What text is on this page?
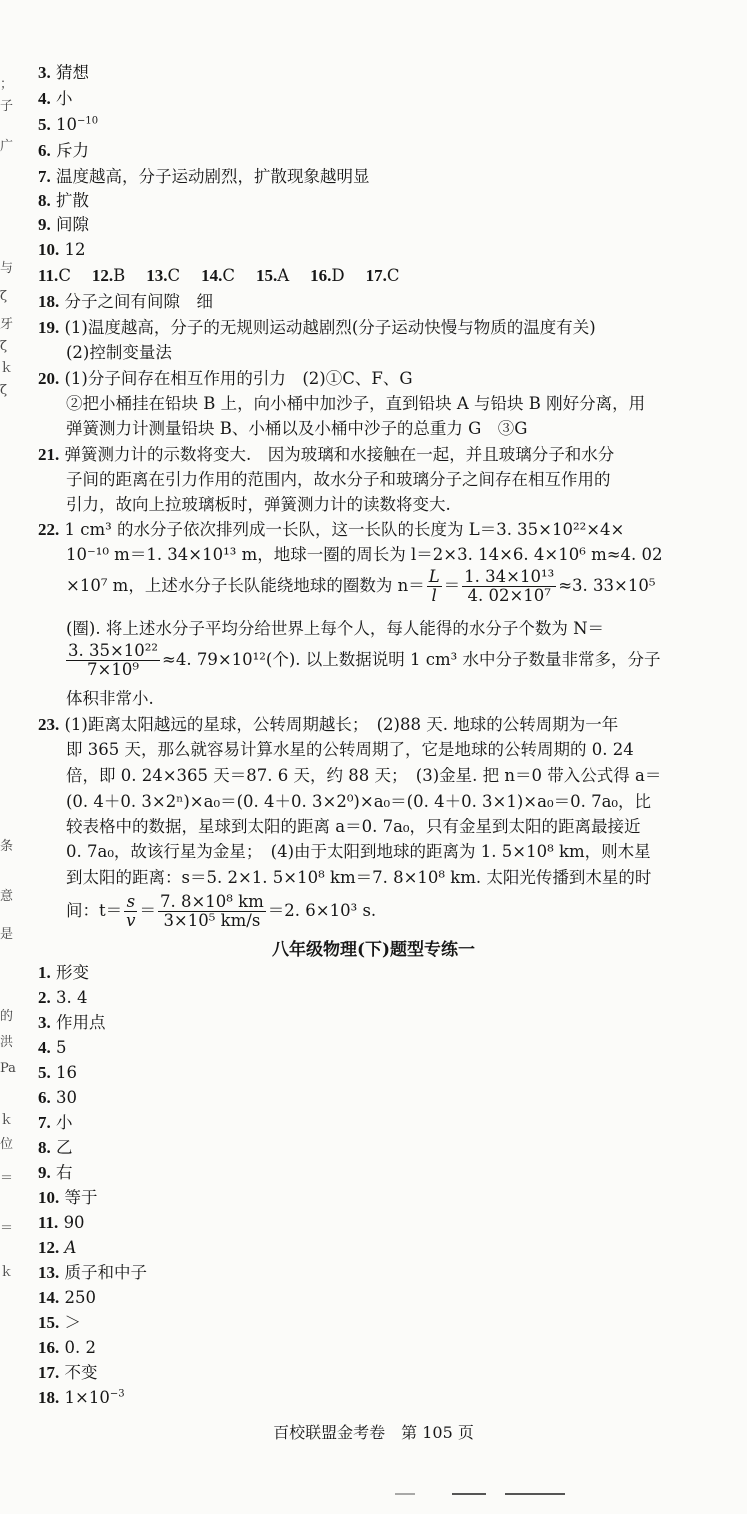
；
子
广
与
ζ
牙
ζ
ｋ
ζ
条
意
是
的
洪
Pa
ｋ
位
＝
＝
ｋ
3. 猜想
4. 小
5. $10^{-10}$
6. 斥力
7. 温度越高，分子运动剧烈，扩散现象越明显
8. 扩散
9. 间隙
10. 12
11.C 12.B 13.C 14.C 15.A 16.D 17.C
18. 分子之间有间隙　细
19. (1)温度越高，分子的无规则运动越剧烈(分子运动快慢与物质的温度有关)
(2)控制变量法
20. (1)分子间存在相互作用的引力　(2)①C、F、G
②把小桶挂在铅块 B 上，向小桶中加沙子，直到铅块 A 与铅块 B 刚好分离，用
弹簧测力计测量铅块 B、小桶以及小桶中沙子的总重力 G　③G
21. 弹簧测力计的示数将变大.　因为玻璃和水接触在一起，并且玻璃分子和水分
子间的距离在引力作用的范围内，故水分子和玻璃分子之间存在相互作用的
引力，故向上拉玻璃板时，弹簧测力计的读数将变大.
22. 1 cm³ 的水分子依次排列成一长队，这一长队的长度为 L＝3. 35×10²²×4×
10⁻¹⁰ m＝1. 34×10¹³ m，地球一圈的周长为 l＝2×3. 14×6. 4×10⁶ m≈4. 02
×10⁷ m，上述水分子长队能绕地球的圈数为 $n= \frac{L}{l} = \frac{\text{1. 34×10¹³}}{\text{4. 02×10⁷}} \approx 3$. 33×10⁵
(圈). 将上述水分子平均分给世界上每个人，每人能得的水分子个数为 N＝
$\frac{\text{3. 35×10²²}}{\text{7×10⁹}} \approx 4$. 79×10¹²(个). 以上数据说明 1 cm³ 水中分子数量非常多，分子
体积非常小.
23. (1)距离太阳越远的星球，公转周期越长；　(2)88 天. 地球的公转周期为一年
即 365 天，那么就容易计算水星的公转周期了，它是地球的公转周期的 0. 24
倍，即 0. 24×365 天＝87. 6 天，约 88 天；　(3)金星. 把 n＝0 带入公式得 a＝
(0. 4＋0. 3×2ⁿ)×a₀＝(0. 4＋0. 3×2⁰)×a₀＝(0. 4＋0. 3×1)×a₀＝0. 7a₀，比
较表格中的数据，星球到太阳的距离 a＝0. 7a₀，只有金星到太阳的距离最接近
0. 7a₀，故该行星为金星；　(4)由于太阳到地球的距离为 1. 5×10⁸ km，则木星
到太阳的距离：s＝5. 2×1. 5×10⁸ km＝7. 8×10⁸ km. 太阳光传播到木星的时
间：$t= \frac{s}{v} = \frac{\text{7. 8×10⁸ km}}{\text{3×10⁵ km/s}} =2$. 6×10³ s.
八年级物理(下)题型专练一
1. 形变
2. 3. 4
3. 作用点
4. 5
5. 16
6. 30
7. 小
8. 乙
9. 右
10. 等于
11. 90
12. A
13. 质子和中子
14. 250
15. ＞
16. 0. 2
17. 不变
18. $1\times 10^{-3}$
百校联盟金考卷　第 105 页
